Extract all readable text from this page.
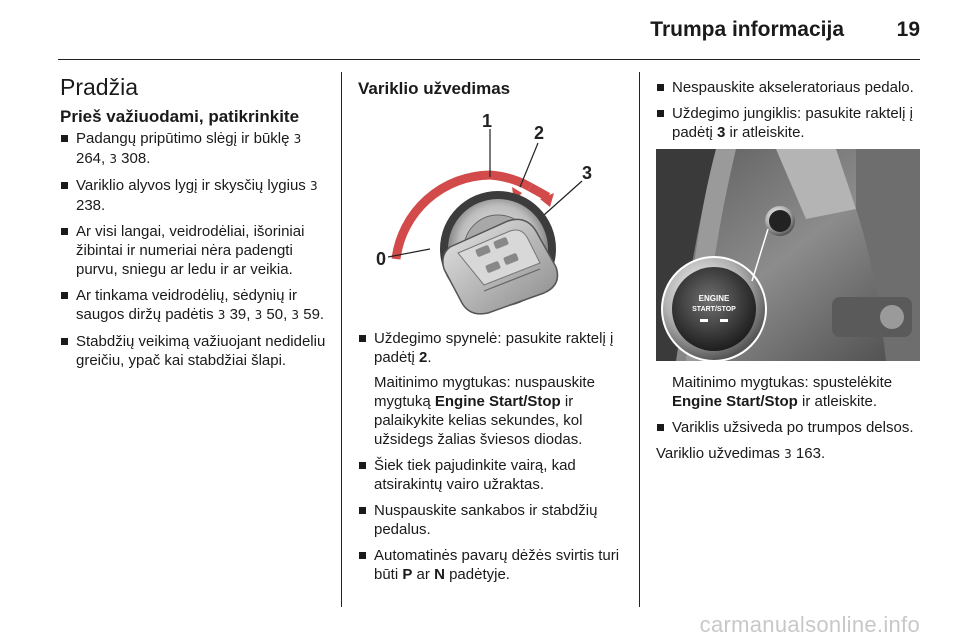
Trumpa informacija	19
Pradžia
Prieš važiuodami, patikrinkite
Padangų pripūtimo slėgį ir būklę 3 264, 3 308.
Variklio alyvos lygį ir skysčių lygius 3 238.
Ar visi langai, veidrodėliai, išoriniai žibintai ir numeriai nėra padengti purvu, sniegu ar ledu ir ar veikia.
Ar tinkama veidrodėlių, sėdynių ir saugos diržų padėtis 3 39, 3 50, 3 59.
Stabdžių veikimą važiuojant nedideliu greičiu, ypač kai stabdžiai šlapi.
Variklio užvedimas
0
1
2
3
Uždegimo spynelė: pasukite raktelį į padėtį 2.
Maitinimo mygtukas: nuspauskite mygtuką Engine Start/Stop ir palaikykite kelias sekundes, kol užsidegs žalias šviesos diodas.
Šiek tiek pajudinkite vairą, kad atsirakintų vairo užraktas.
Nuspauskite sankabos ir stabdžių pedalus.
Automatinės pavarų dėžės svirtis turi būti P ar N padėtyje.
Nespauskite akseleratoriaus pedalo.
Uždegimo jungiklis: pasukite raktelį į padėtį 3 ir atleiskite.
ENGINE
START/STOP
Maitinimo mygtukas: spustelėkite Engine Start/Stop ir atleiskite.
Variklis užsiveda po trumpos delsos.
Variklio užvedimas 3 163.
carmanualsonline.info
